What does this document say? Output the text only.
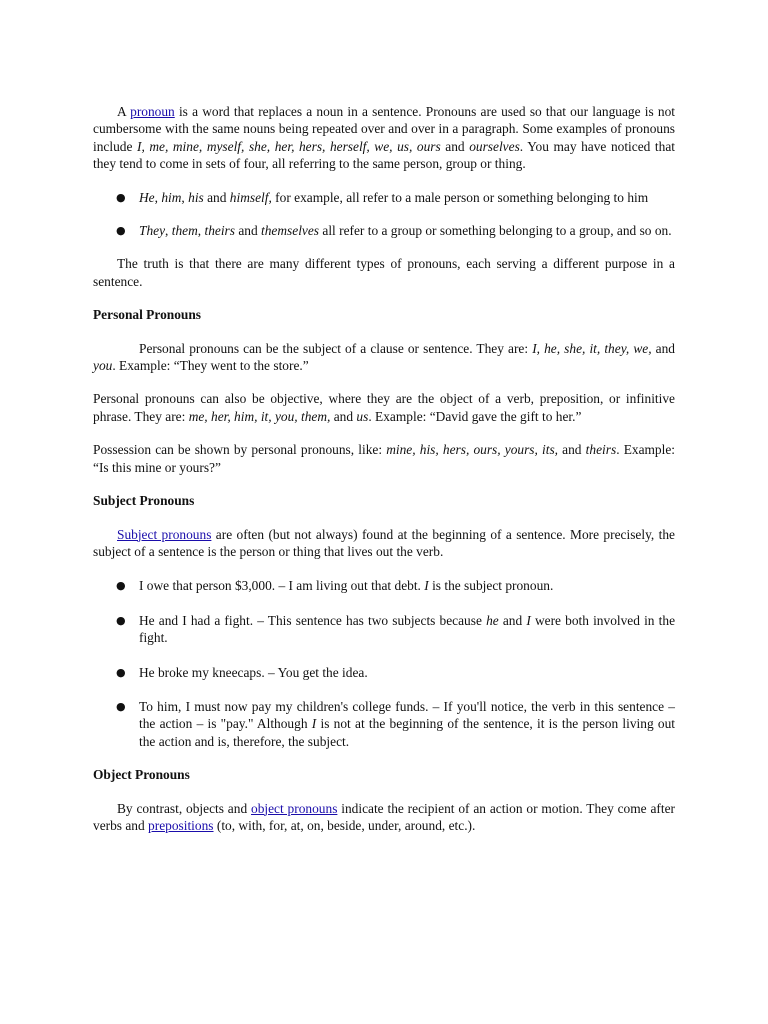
A pronoun is a word that replaces a noun in a sentence. Pronouns are used so that our language is not cumbersome with the same nouns being repeated over and over in a paragraph. Some examples of pronouns include I, me, mine, myself, she, her, hers, herself, we, us, ours and ourselves. You may have noticed that they tend to come in sets of four, all referring to the same person, group or thing.

● He, him, his and himself, for example, all refer to a male person or something belonging to him
● They, them, theirs and themselves all refer to a group or something belonging to a group, and so on.

The truth is that there are many different types of pronouns, each serving a different purpose in a sentence.

Personal Pronouns

Personal pronouns can be the subject of a clause or sentence. They are: I, he, she, it, they, we, and you. Example: “They went to the store.”

Personal pronouns can also be objective, where they are the object of a verb, preposition, or infinitive phrase. They are: me, her, him, it, you, them, and us. Example: “David gave the gift to her.”

Possession can be shown by personal pronouns, like: mine, his, hers, ours, yours, its, and theirs. Example: “Is this mine or yours?”

Subject Pronouns

Subject pronouns are often (but not always) found at the beginning of a sentence. More precisely, the subject of a sentence is the person or thing that lives out the verb.

● I owe that person $3,000. – I am living out that debt. I is the subject pronoun.
● He and I had a fight. – This sentence has two subjects because he and I were both involved in the fight.
● He broke my kneecaps. – You get the idea.
● To him, I must now pay my children's college funds. – If you'll notice, the verb in this sentence – the action – is "pay." Although I is not at the beginning of the sentence, it is the person living out the action and is, therefore, the subject.
Object Pronouns

By contrast, objects and object pronouns indicate the recipient of an action or motion. They come after verbs and prepositions (to, with, for, at, on, beside, under, around, etc.).
